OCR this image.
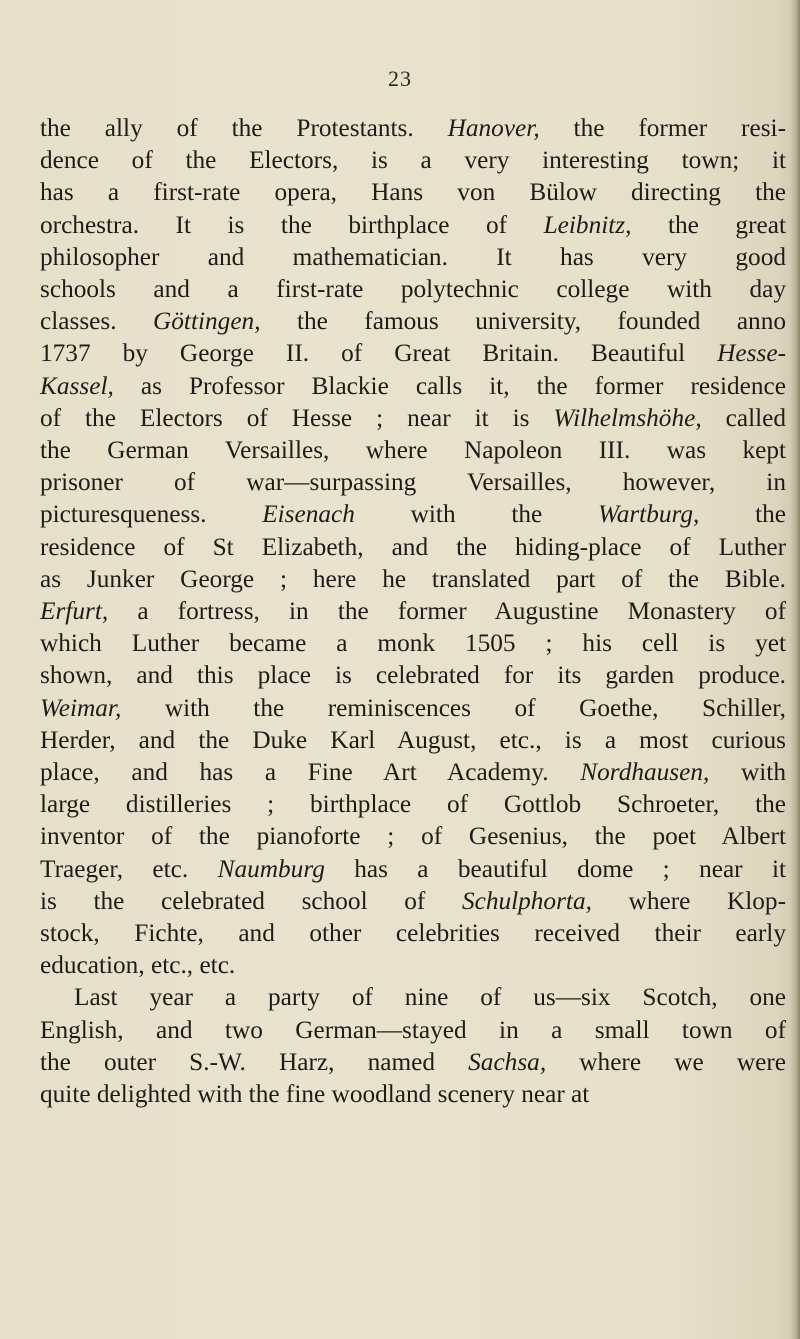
23
the ally of the Protestants. Hanover, the former resi-
dence of the Electors, is a very interesting town; it
has a first-rate opera, Hans von Bülow directing the
orchestra. It is the birthplace of Leibnitz, the great
philosopher and mathematician. It has very good
schools and a first-rate polytechnic college with day
classes. Göttingen, the famous university, founded anno
1737 by George II. of Great Britain. Beautiful Hesse-
Kassel, as Professor Blackie calls it, the former residence
of the Electors of Hesse ; near it is Wilhelmshöhe, called
the German Versailles, where Napoleon III. was kept
prisoner of war—surpassing Versailles, however, in
picturesqueness. Eisenach with the Wartburg, the
residence of St Elizabeth, and the hiding-place of Luther
as Junker George ; here he translated part of the Bible.
Erfurt, a fortress, in the former Augustine Monastery of
which Luther became a monk 1505 ; his cell is yet
shown, and this place is celebrated for its garden produce.
Weimar, with the reminiscences of Goethe, Schiller,
Herder, and the Duke Karl August, etc., is a most curious
place, and has a Fine Art Academy. Nordhausen, with
large distilleries ; birthplace of Gottlob Schroeter, the
inventor of the pianoforte ; of Gesenius, the poet Albert
Traeger, etc. Naumburg has a beautiful dome ; near it
is the celebrated school of Schulphorta, where Klop-
stock, Fichte, and other celebrities received their early
education, etc., etc.
Last year a party of nine of us—six Scotch, one
English, and two German—stayed in a small town of
the outer S.-W. Harz, named Sachsa, where we were
quite delighted with the fine woodland scenery near at
